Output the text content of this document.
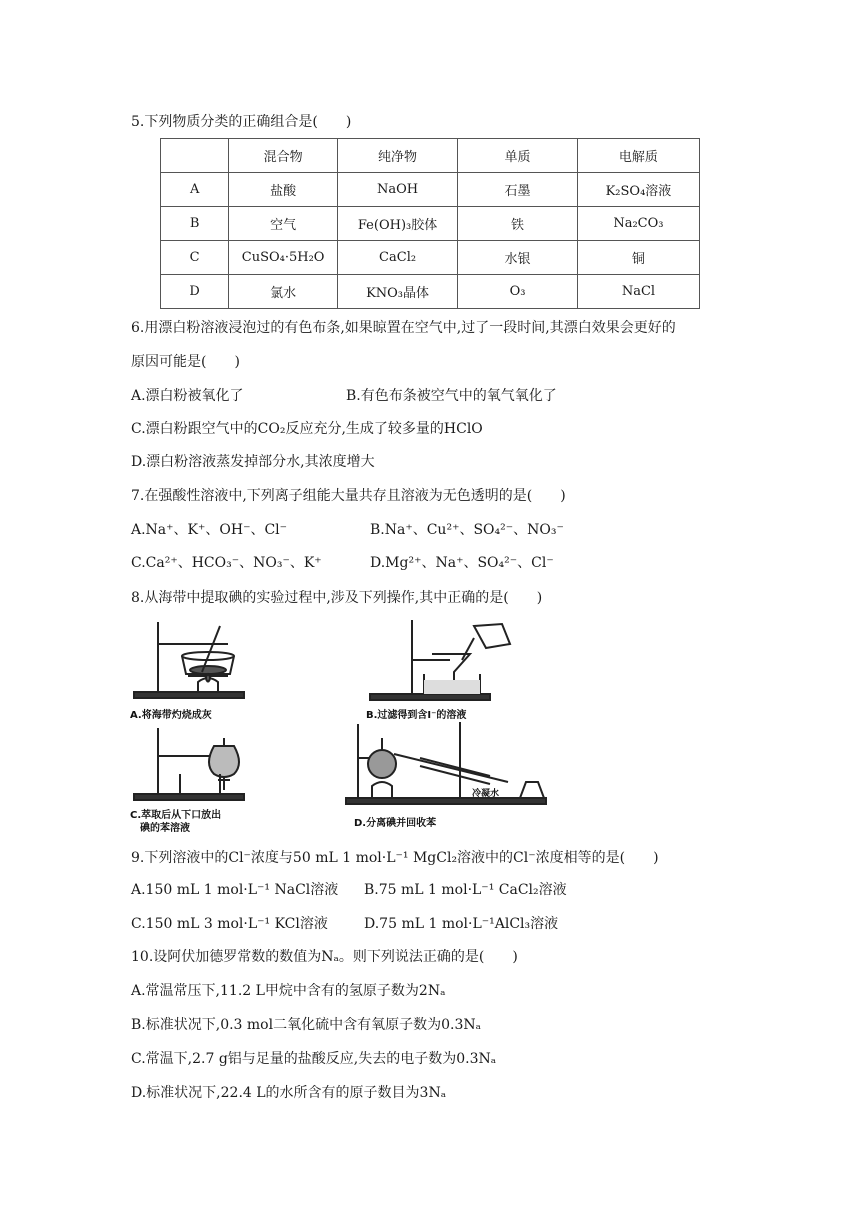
5.下列物质分类的正确组合是(　　)
	混合物	纯净物	单质	电解质
A	盐酸	NaOH	石墨	K₂SO₄溶液
B	空气	Fe(OH)₃胶体	铁	Na₂CO₃
C	CuSO₄·5H₂O	CaCl₂	水银	铜
D	氯水	KNO₃晶体	O₃	NaCl
6.用漂白粉溶液浸泡过的有色布条,如果晾置在空气中,过了一段时间,其漂白效果会更好的
原因可能是(　　)
A.漂白粉被氧化了	B.有色布条被空气中的氧气氧化了
C.漂白粉跟空气中的CO₂反应充分,生成了较多量的HClO
D.漂白粉溶液蒸发掉部分水,其浓度增大
7.在强酸性溶液中,下列离子组能大量共存且溶液为无色透明的是(　　)
A.Na⁺、K⁺、OH⁻、Cl⁻	B.Na⁺、Cu²⁺、SO₄²⁻、NO₃⁻
C.Ca²⁺、HCO₃⁻、NO₃⁻、K⁺	D.Mg²⁺、Na⁺、SO₄²⁻、Cl⁻
8.从海带中提取碘的实验过程中,涉及下列操作,其中正确的是(　　)
A.将海带灼烧成灰	B.过滤得到含I⁻的溶液
C.萃取后从下口放出
碘的苯溶液
冷凝水
D.分离碘并回收苯
9.下列溶液中的Cl⁻浓度与50 mL 1 mol·L⁻¹ MgCl₂溶液中的Cl⁻浓度相等的是(　　)
A.150 mL 1 mol·L⁻¹ NaCl溶液 B.75 mL 1 mol·L⁻¹ CaCl₂溶液
C.150 mL 3 mol·L⁻¹ KCl溶液	D.75 mL 1 mol·L⁻¹AlCl₃溶液
10.设阿伏加德罗常数的数值为Nₐ。则下列说法正确的是(　　)
A.常温常压下,11.2 L甲烷中含有的氢原子数为2Nₐ
B.标准状况下,0.3 mol二氧化硫中含有氧原子数为0.3Nₐ
C.常温下,2.7 g铝与足量的盐酸反应,失去的电子数为0.3Nₐ
D.标准状况下,22.4 L的水所含有的原子数目为3Nₐ
